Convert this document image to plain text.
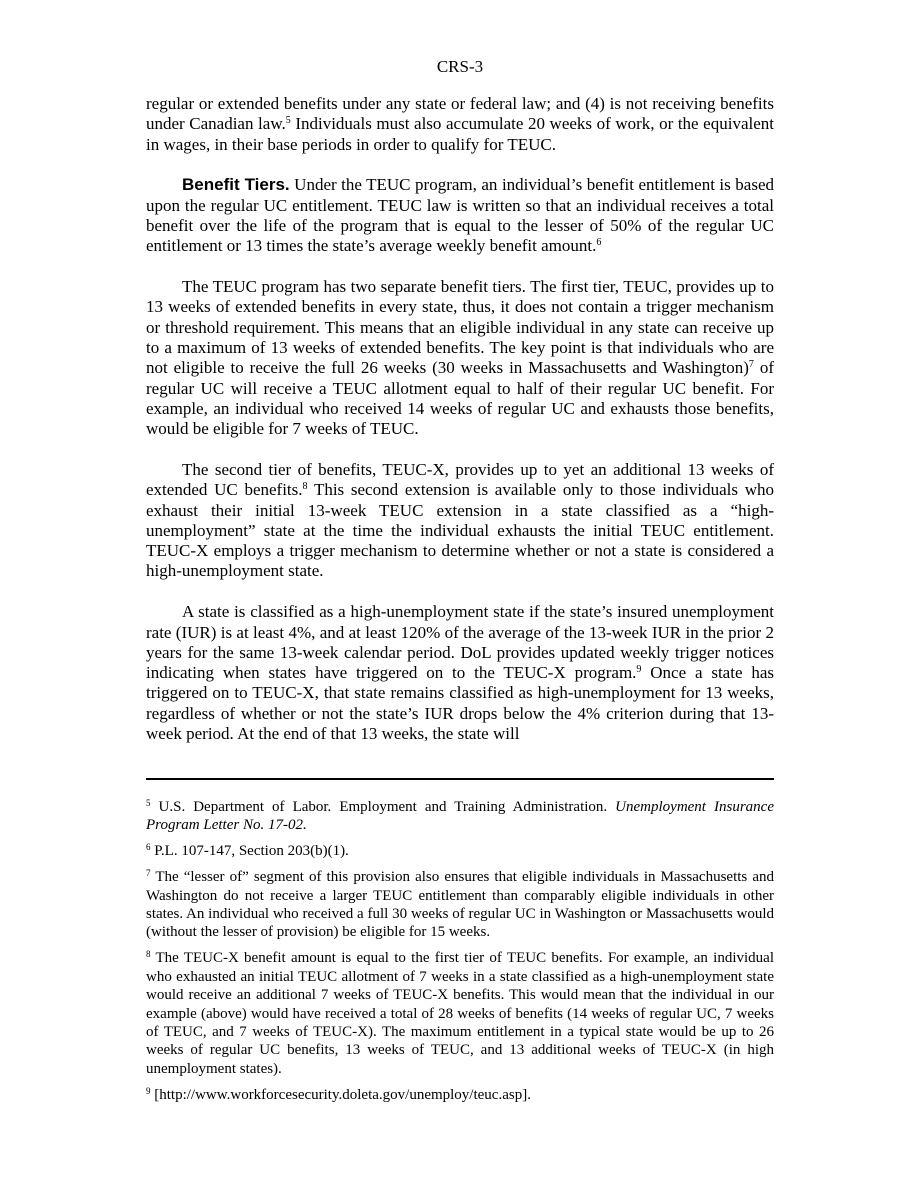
CRS-3

regular or extended benefits under any state or federal law; and (4) is not receiving benefits under Canadian law.$^5$ Individuals must also accumulate 20 weeks of work, or the equivalent in wages, in their base periods in order to qualify for TEUC.

Benefit Tiers. Under the TEUC program, an individual’s benefit entitlement is based upon the regular UC entitlement. TEUC law is written so that an individual receives a total benefit over the life of the program that is equal to the lesser of 50% of the regular UC entitlement or 13 times the state’s average weekly benefit amount.$^6$

The TEUC program has two separate benefit tiers. The first tier, TEUC, provides up to 13 weeks of extended benefits in every state, thus, it does not contain a trigger mechanism or threshold requirement. This means that an eligible individual in any state can receive up to a maximum of 13 weeks of extended benefits. The key point is that individuals who are not eligible to receive the full 26 weeks (30 weeks in Massachusetts and Washington)$^7$ of regular UC will receive a TEUC allotment equal to half of their regular UC benefit. For example, an individual who received 14 weeks of regular UC and exhausts those benefits, would be eligible for 7 weeks of TEUC.

The second tier of benefits, TEUC-X, provides up to yet an additional 13 weeks of extended UC benefits.$^8$ This second extension is available only to those individuals who exhaust their initial 13-week TEUC extension in a state classified as a “high-unemployment” state at the time the individual exhausts the initial TEUC entitlement. TEUC-X employs a trigger mechanism to determine whether or not a state is considered a high-unemployment state.

A state is classified as a high-unemployment state if the state’s insured unemployment rate (IUR) is at least 4%, and at least 120% of the average of the 13-week IUR in the prior 2 years for the same 13-week calendar period. DoL provides updated weekly trigger notices indicating when states have triggered on to the TEUC-X program.$^9$ Once a state has triggered on to TEUC-X, that state remains classified as high-unemployment for 13 weeks, regardless of whether or not the state’s IUR drops below the 4% criterion during that 13-week period. At the end of that 13 weeks, the state will

$^5$ U.S. Department of Labor. Employment and Training Administration. Unemployment Insurance Program Letter No. 17-02.

$^6$ P.L. 107-147, Section 203(b)(1).

$^7$ The “lesser of” segment of this provision also ensures that eligible individuals in Massachusetts and Washington do not receive a larger TEUC entitlement than comparably eligible individuals in other states. An individual who received a full 30 weeks of regular UC in Washington or Massachusetts would (without the lesser of provision) be eligible for 15 weeks.

$^8$ The TEUC-X benefit amount is equal to the first tier of TEUC benefits. For example, an individual who exhausted an initial TEUC allotment of 7 weeks in a state classified as a high-unemployment state would receive an additional 7 weeks of TEUC-X benefits. This would mean that the individual in our example (above) would have received a total of 28 weeks of benefits (14 weeks of regular UC, 7 weeks of TEUC, and 7 weeks of TEUC-X). The maximum entitlement in a typical state would be up to 26 weeks of regular UC benefits, 13 weeks of TEUC, and 13 additional weeks of TEUC-X (in high unemployment states).

$^9$ [http://www.workforcesecurity.doleta.gov/unemploy/teuc.asp].
